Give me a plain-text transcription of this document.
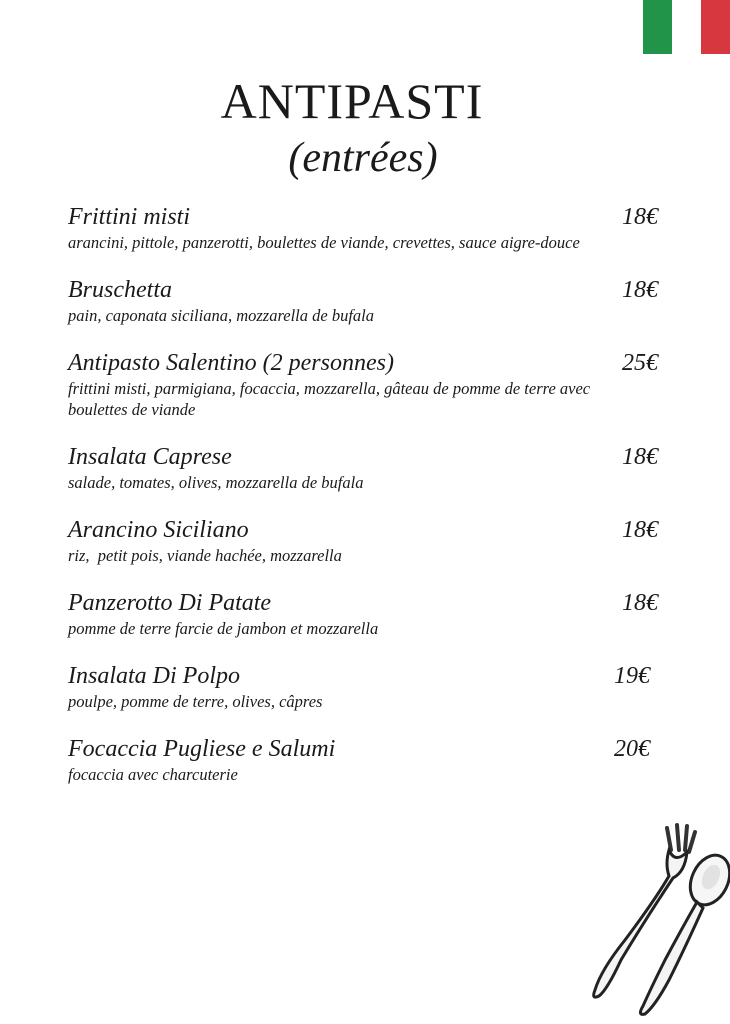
ANTIPASTI
(entrées)
Frittini misti	18€
arancini, pittole, panzerotti, boulettes de viande, crevettes, sauce aigre-douce
Bruschetta	18€
pain, caponata siciliana, mozzarella de bufala
Antipasto Salentino (2 personnes)	25€
frittini misti, parmigiana, focaccia, mozzarella, gâteau de pomme de terre avec boulettes de viande
Insalata Caprese	18€
salade, tomates, olives, mozzarella de bufala
Arancino Siciliano	18€
riz,  petit pois, viande hachée, mozzarella
Panzerotto Di Patate	18€
pomme de terre farcie de jambon et mozzarella
Insalata Di Polpo	19€
poulpe, pomme de terre, olives, câpres
Focaccia Pugliese e Salumi	20€
focaccia avec charcuterie
